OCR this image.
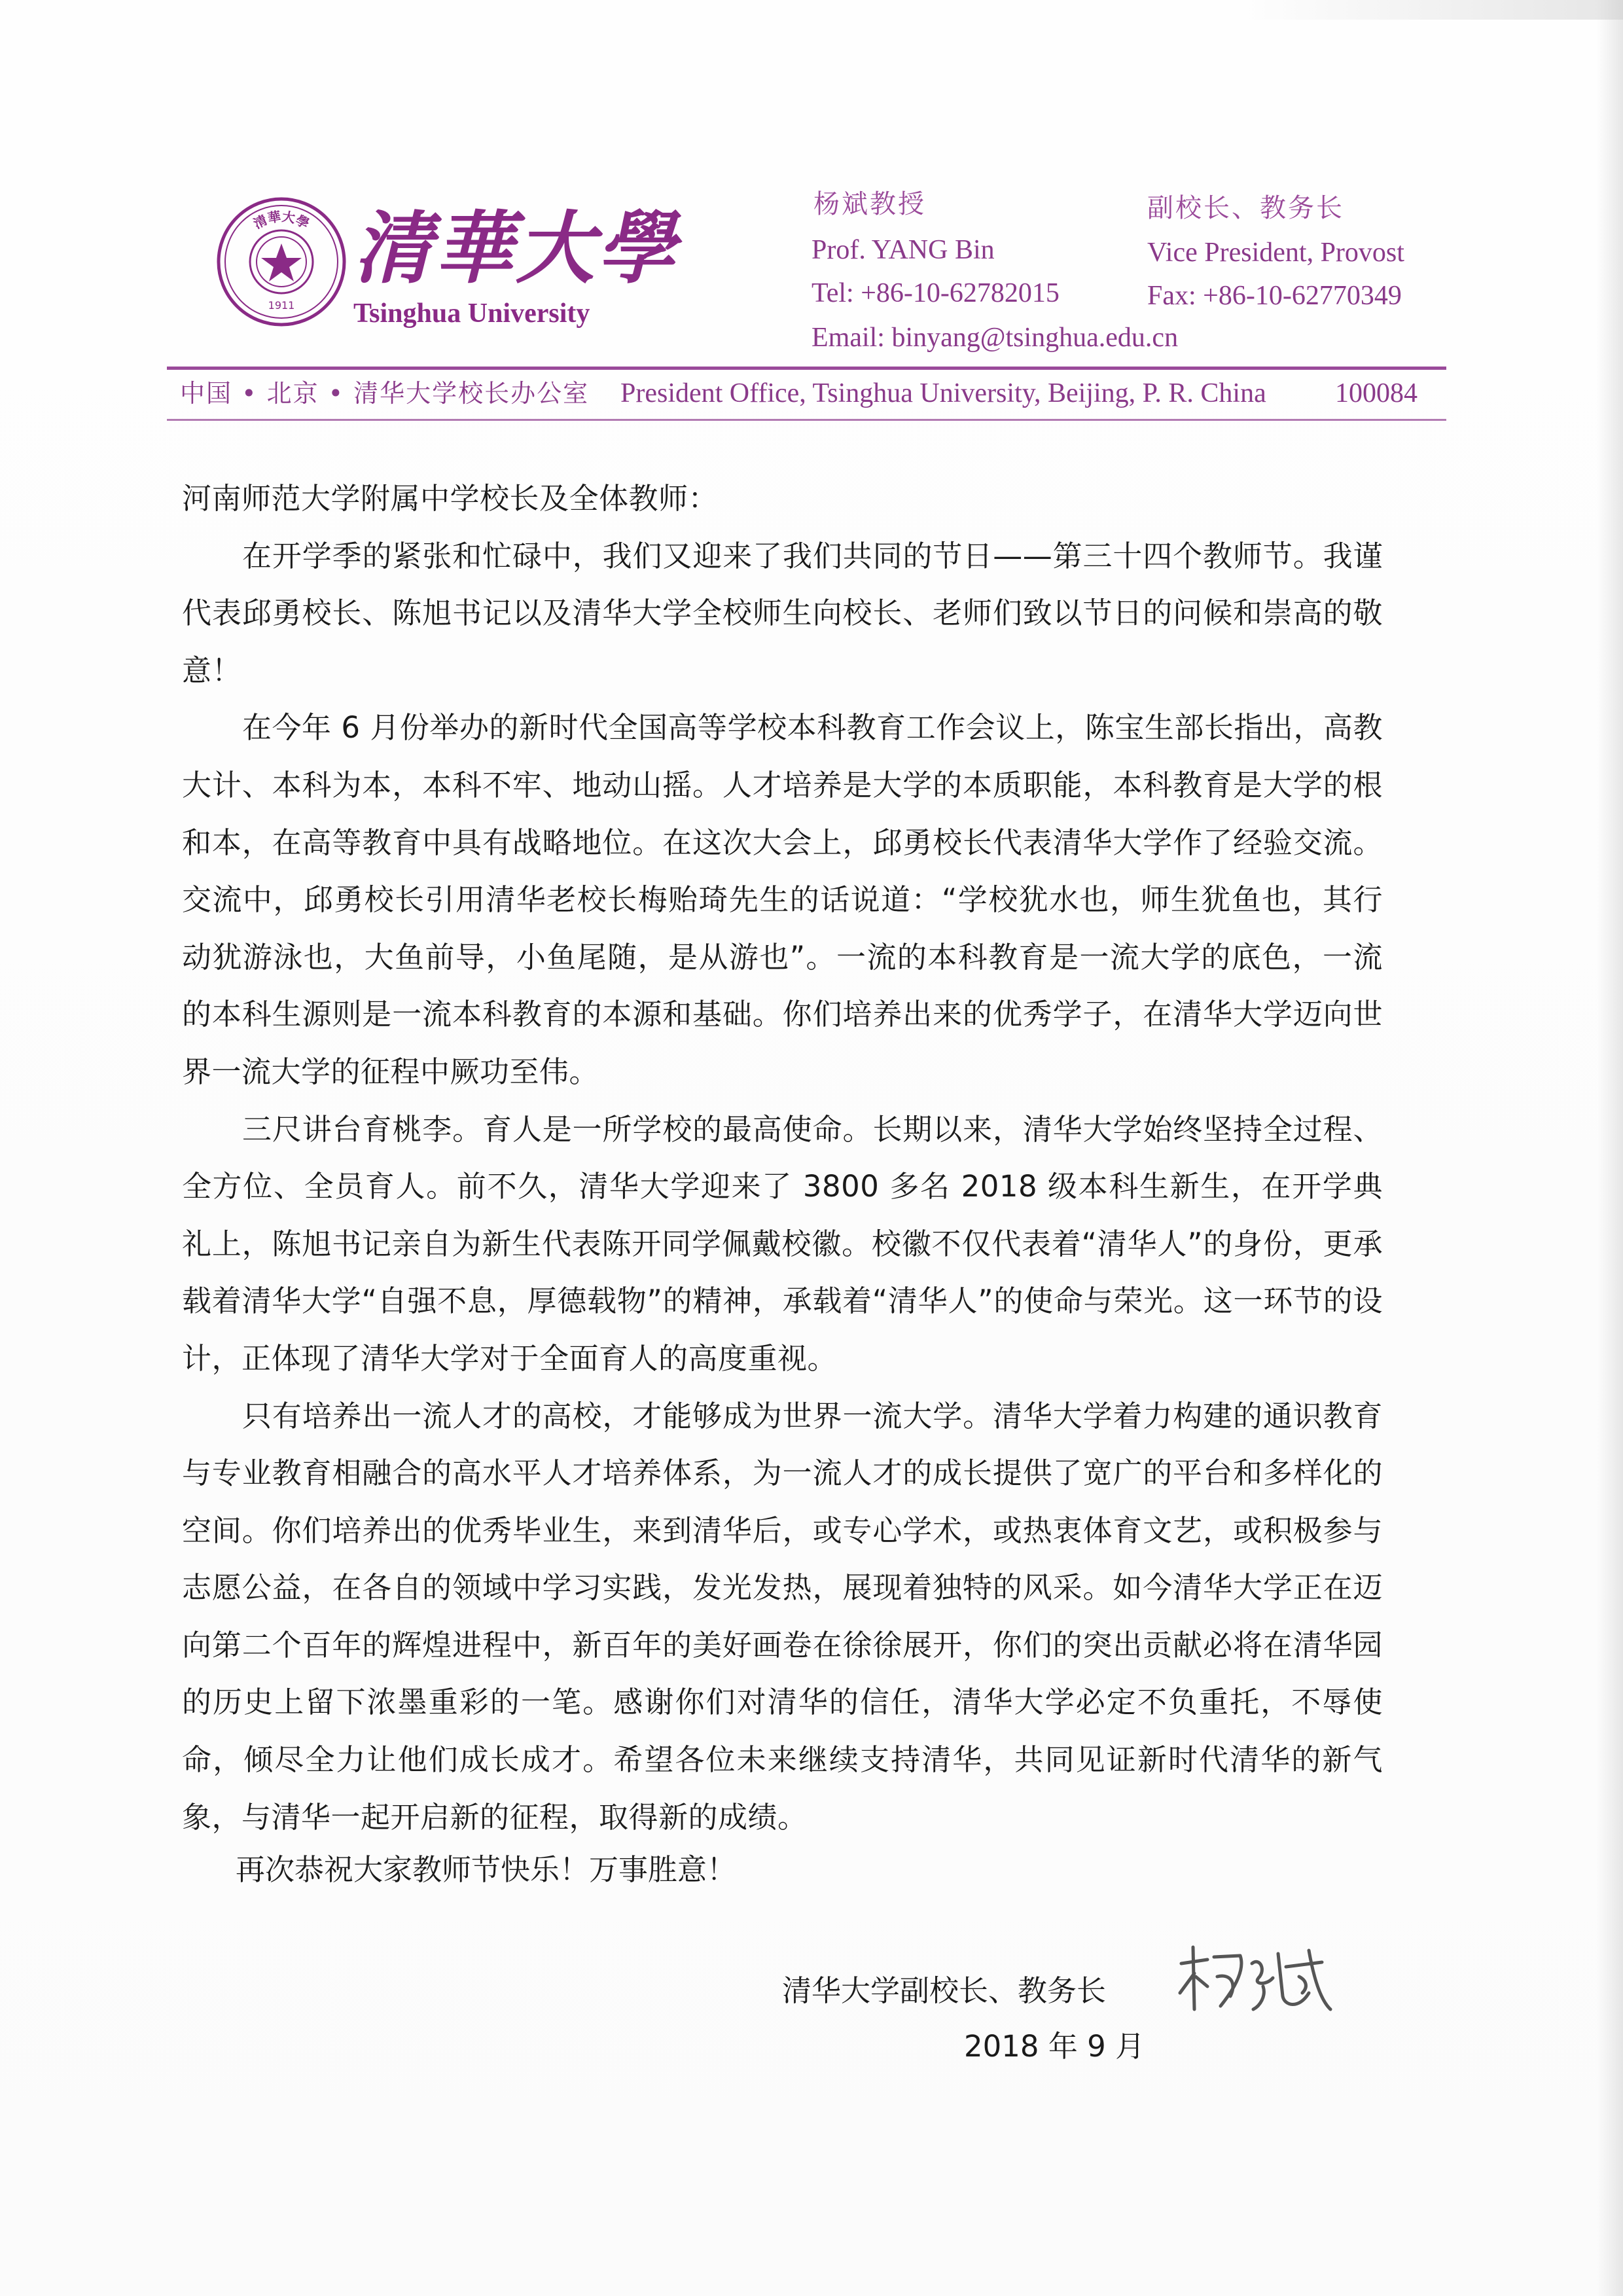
清華大學
1911
清華大學
Tsinghua University
杨斌教授
Prof. YANG Bin
Tel: +86-10-62782015
Email: binyang@tsinghua.edu.cn
副校长、教务长
Vice President, Provost
Fax: +86-10-62770349
中国 • 北京 • 清华大学校长办公室 President Office, Tsinghua University, Beijing, P. R. China	100084
河南师范大学附属中学校长及全体教师：
在开学季的紧张和忙碌中，我们又迎来了我们共同的节日——第三十四个教师节。我谨代表邱勇校长、陈旭书记以及清华大学全校师生向校长、老师们致以节日的问候和崇高的敬意！
在今年 6 月份举办的新时代全国高等学校本科教育工作会议上，陈宝生部长指出，高教大计、本科为本，本科不牢、地动山摇。人才培养是大学的本质职能，本科教育是大学的根和本，在高等教育中具有战略地位。在这次大会上，邱勇校长代表清华大学作了经验交流。交流中，邱勇校长引用清华老校长梅贻琦先生的话说道：“学校犹水也，师生犹鱼也，其行动犹游泳也，大鱼前导，小鱼尾随，是从游也”。一流的本科教育是一流大学的底色，一流的本科生源则是一流本科教育的本源和基础。你们培养出来的优秀学子，在清华大学迈向世界一流大学的征程中厥功至伟。
三尺讲台育桃李。育人是一所学校的最高使命。长期以来，清华大学始终坚持全过程、全方位、全员育人。前不久，清华大学迎来了 3800 多名 2018 级本科生新生，在开学典礼上，陈旭书记亲自为新生代表陈开同学佩戴校徽。校徽不仅代表着“清华人”的身份，更承载着清华大学“自强不息，厚德载物”的精神，承载着“清华人”的使命与荣光。这一环节的设计，正体现了清华大学对于全面育人的高度重视。
只有培养出一流人才的高校，才能够成为世界一流大学。清华大学着力构建的通识教育与专业教育相融合的高水平人才培养体系，为一流人才的成长提供了宽广的平台和多样化的空间。你们培养出的优秀毕业生，来到清华后，或专心学术，或热衷体育文艺，或积极参与志愿公益，在各自的领域中学习实践，发光发热，展现着独特的风采。如今清华大学正在迈向第二个百年的辉煌进程中，新百年的美好画卷在徐徐展开，你们的突出贡献必将在清华园的历史上留下浓墨重彩的一笔。感谢你们对清华的信任，清华大学必定不负重托，不辱使命，倾尽全力让他们成长成才。希望各位未来继续支持清华，共同见证新时代清华的新气象，与清华一起开启新的征程，取得新的成绩。
再次恭祝大家教师节快乐！万事胜意！
清华大学副校长、教务长
2018 年 9 月
